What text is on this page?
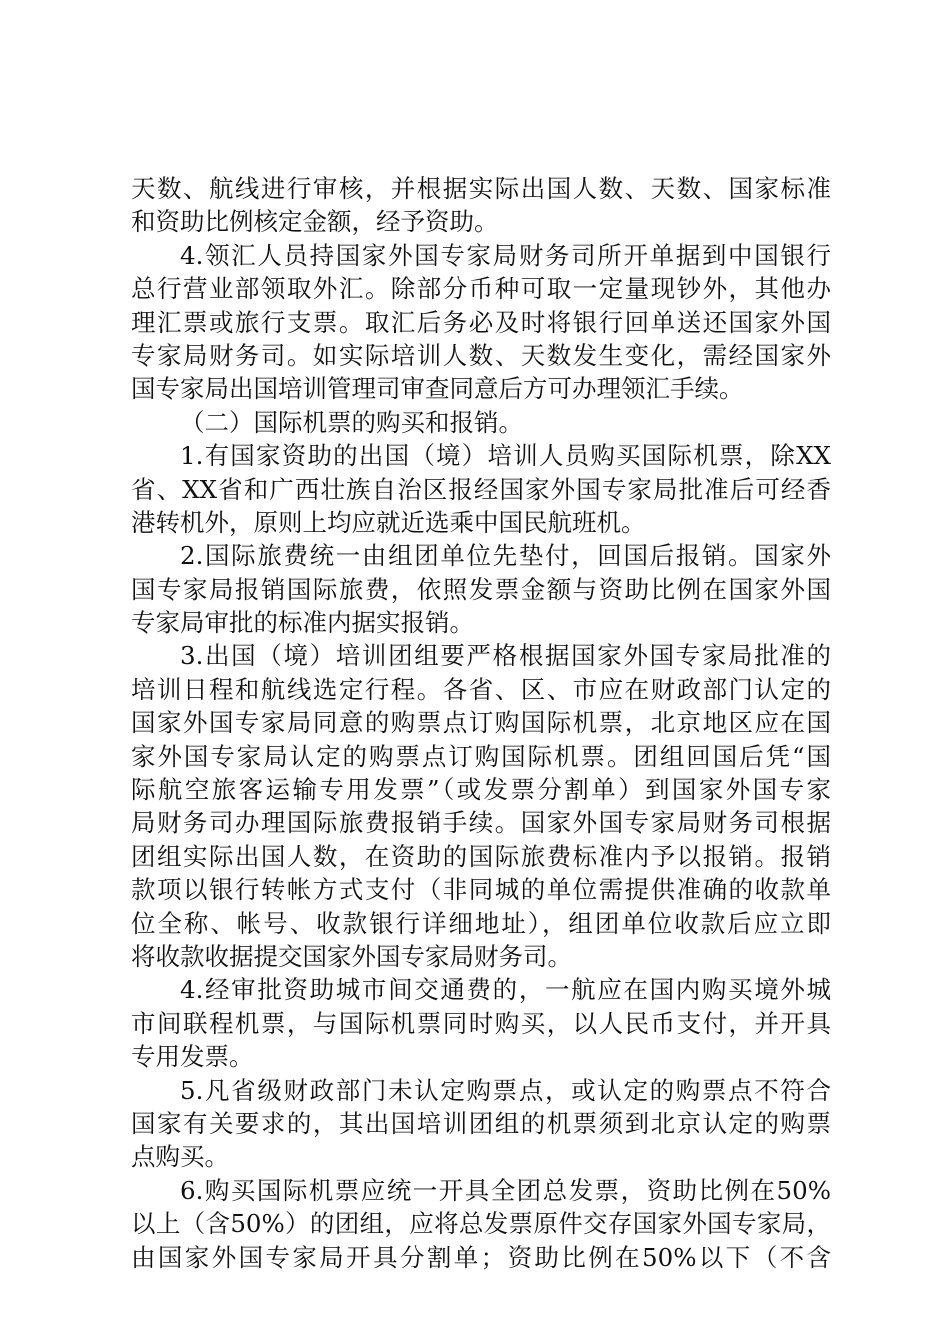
天数、航线进行审核，并根据实际出国人数、天数、国家标准
和资助比例核定金额，经予资助。
4.领汇人员持国家外国专家局财务司所开单据到中国银行
总行营业部领取外汇。除部分币种可取一定量现钞外，其他办
理汇票或旅行支票。取汇后务必及时将银行回单送还国家外国
专家局财务司。如实际培训人数、天数发生变化，需经国家外
国专家局出国培训管理司审查同意后方可办理领汇手续。
（二）国际机票的购买和报销。
1.有国家资助的出国（境）培训人员购买国际机票，除XX
省、XX省和广西壮族自治区报经国家外国专家局批准后可经香
港转机外，原则上均应就近选乘中国民航班机。
2.国际旅费统一由组团单位先垫付，回国后报销。国家外
国专家局报销国际旅费，依照发票金额与资助比例在国家外国
专家局审批的标准内据实报销。
3.出国（境）培训团组要严格根据国家外国专家局批准的
培训日程和航线选定行程。各省、区、市应在财政部门认定的
国家外国专家局同意的购票点订购国际机票，北京地区应在国
家外国专家局认定的购票点订购国际机票。团组回国后凭“国
际航空旅客运输专用发票”（或发票分割单）到国家外国专家
局财务司办理国际旅费报销手续。国家外国专家局财务司根据
团组实际出国人数，在资助的国际旅费标准内予以报销。报销
款项以银行转帐方式支付（非同城的单位需提供准确的收款单
位全称、帐号、收款银行详细地址），组团单位收款后应立即
将收款收据提交国家外国专家局财务司。
4.经审批资助城市间交通费的，一航应在国内购买境外城
市间联程机票，与国际机票同时购买，以人民币支付，并开具
专用发票。
5.凡省级财政部门未认定购票点，或认定的购票点不符合
国家有关要求的，其出国培训团组的机票须到北京认定的购票
点购买。
6.购买国际机票应统一开具全团总发票，资助比例在50%
以上（含50%）的团组，应将总发票原件交存国家外国专家局，
由国家外国专家局开具分割单；资助比例在50%以下（不含
